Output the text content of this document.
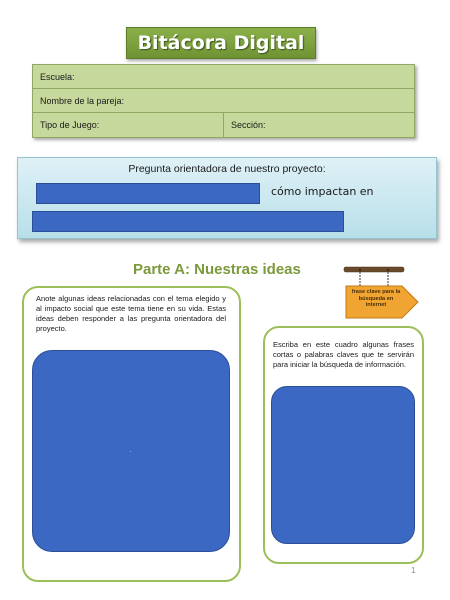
Bitácora Digital
Escuela:
Nombre de la pareja:
Tipo de Juego:	Sección:
Pregunta orientadora de nuestro proyecto:
cómo impactan en
Parte A: Nuestras ideas
frase clave para la búsqueda en internet
Anote algunas ideas relacionadas con el tema elegido y al impacto social que este tema tiene en su vida. Estas ideas deben responder a las pregunta orientadora del proyecto.
·
Escriba en este cuadro algunas frases cortas o palabras claves que te servirán para iniciar la búsqueda de información.
1
